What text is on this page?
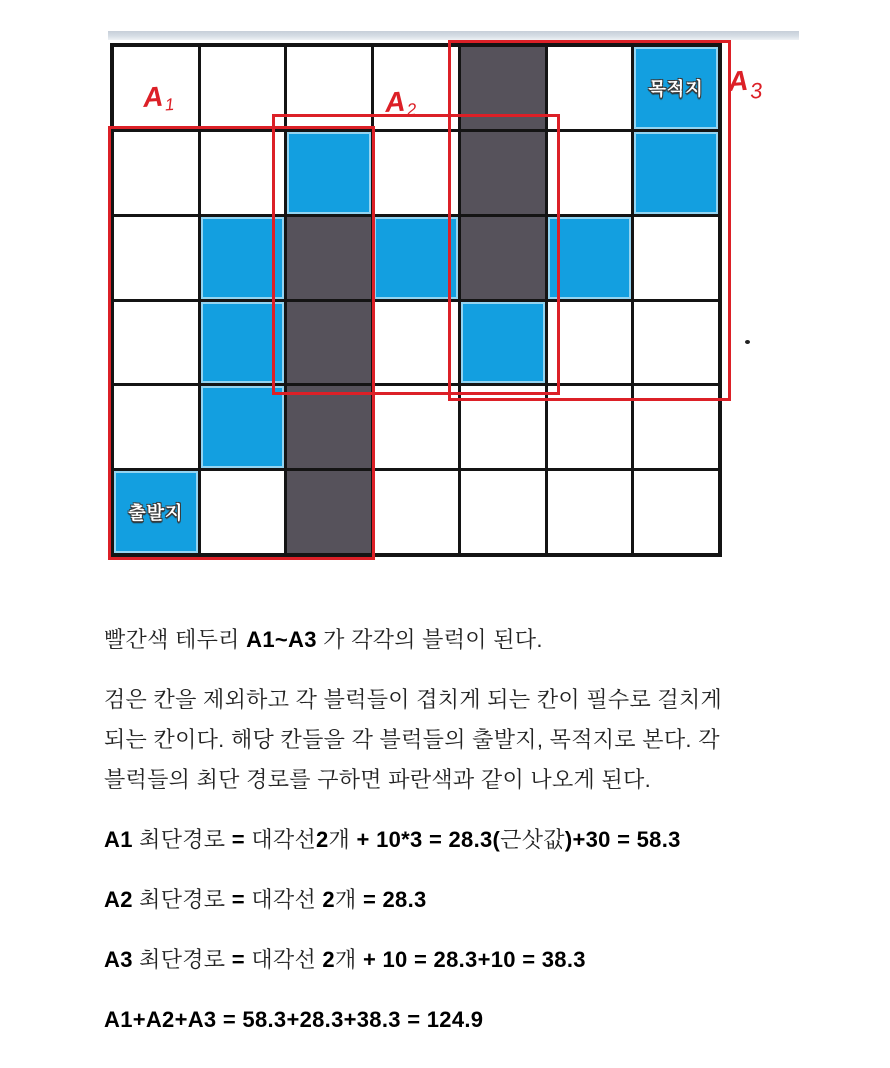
목적지
출발지
A1	A2
$A_3$
빨간색 테두리 A1~A3 가 각각의 블럭이 된다.
검은 칸을 제외하고 각 블럭들이 겹치게 되는 칸이 필수로 걸치게
되는 칸이다. 해당 칸들을 각 블럭들의 출발지, 목적지로 본다. 각
블럭들의 최단 경로를 구하면 파란색과 같이 나오게 된다.
A1 최단경로 = 대각선2개 + 10*3 = 28.3(근삿값)+30 = 58.3
A2 최단경로 = 대각선 2개 = 28.3
A3 최단경로 = 대각선 2개 + 10 = 28.3+10 = 38.3
A1+A2+A3 = 58.3+28.3+38.3 = 124.9
